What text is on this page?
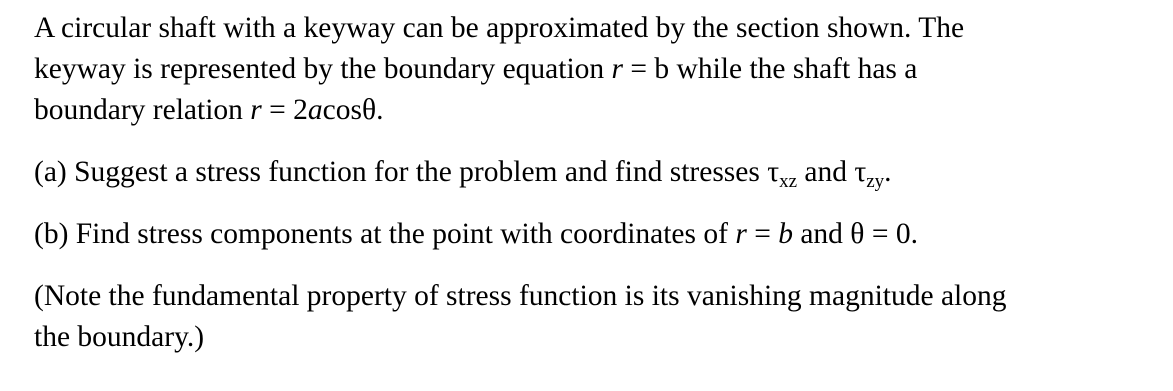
A circular shaft with a keyway can be approximated by the section shown. The
keyway is represented by the boundary equation r = b while the shaft has a
boundary relation r = 2acosθ.

(a) Suggest a stress function for the problem and find stresses $\tau_{xz}$ and $\tau_{zy}$.

(b) Find stress components at the point with coordinates of r = b and θ = 0.

(Note the fundamental property of stress function is its vanishing magnitude along
the boundary.)
